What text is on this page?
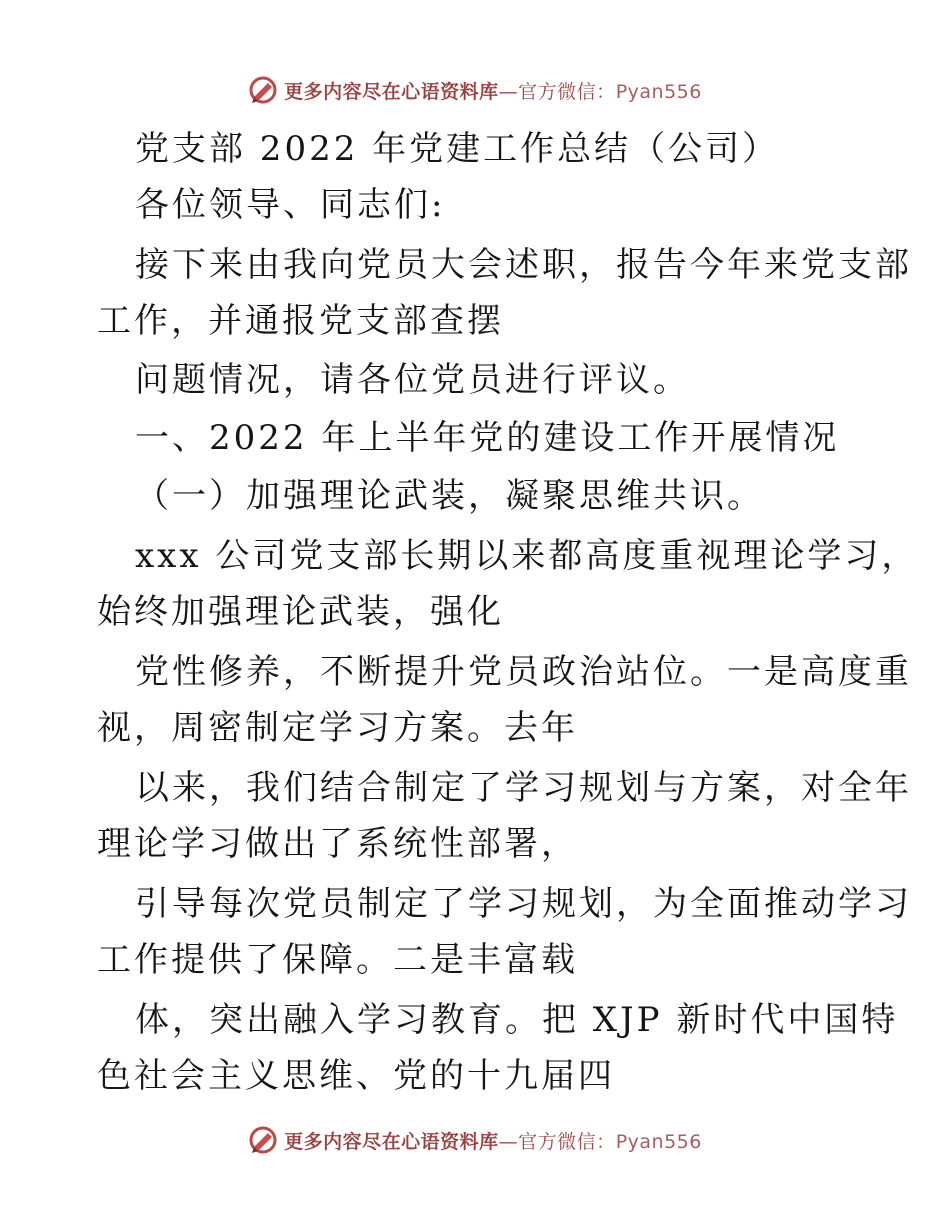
更多内容尽在心语资料库—官方微信：Pyan556
党支部 2022 年党建工作总结（公司）
各位领导、同志们:
接下来由我向党员大会述职，报告今年来党支部
工作，并通报党支部查摆
问题情况，请各位党员进行评议。
一、2022 年上半年党的建设工作开展情况
（一）加强理论武装，凝聚思维共识。
xxx 公司党支部长期以来都高度重视理论学习，
始终加强理论武装，强化
党性修养，不断提升党员政治站位。一是高度重
视，周密制定学习方案。去年
以来，我们结合制定了学习规划与方案，对全年
理论学习做出了系统性部署，
引导每次党员制定了学习规划，为全面推动学习
工作提供了保障。二是丰富载
体，突出融入学习教育。把 XJP 新时代中国特
色社会主义思维、党的十九届四
更多内容尽在心语资料库—官方微信：Pyan556
